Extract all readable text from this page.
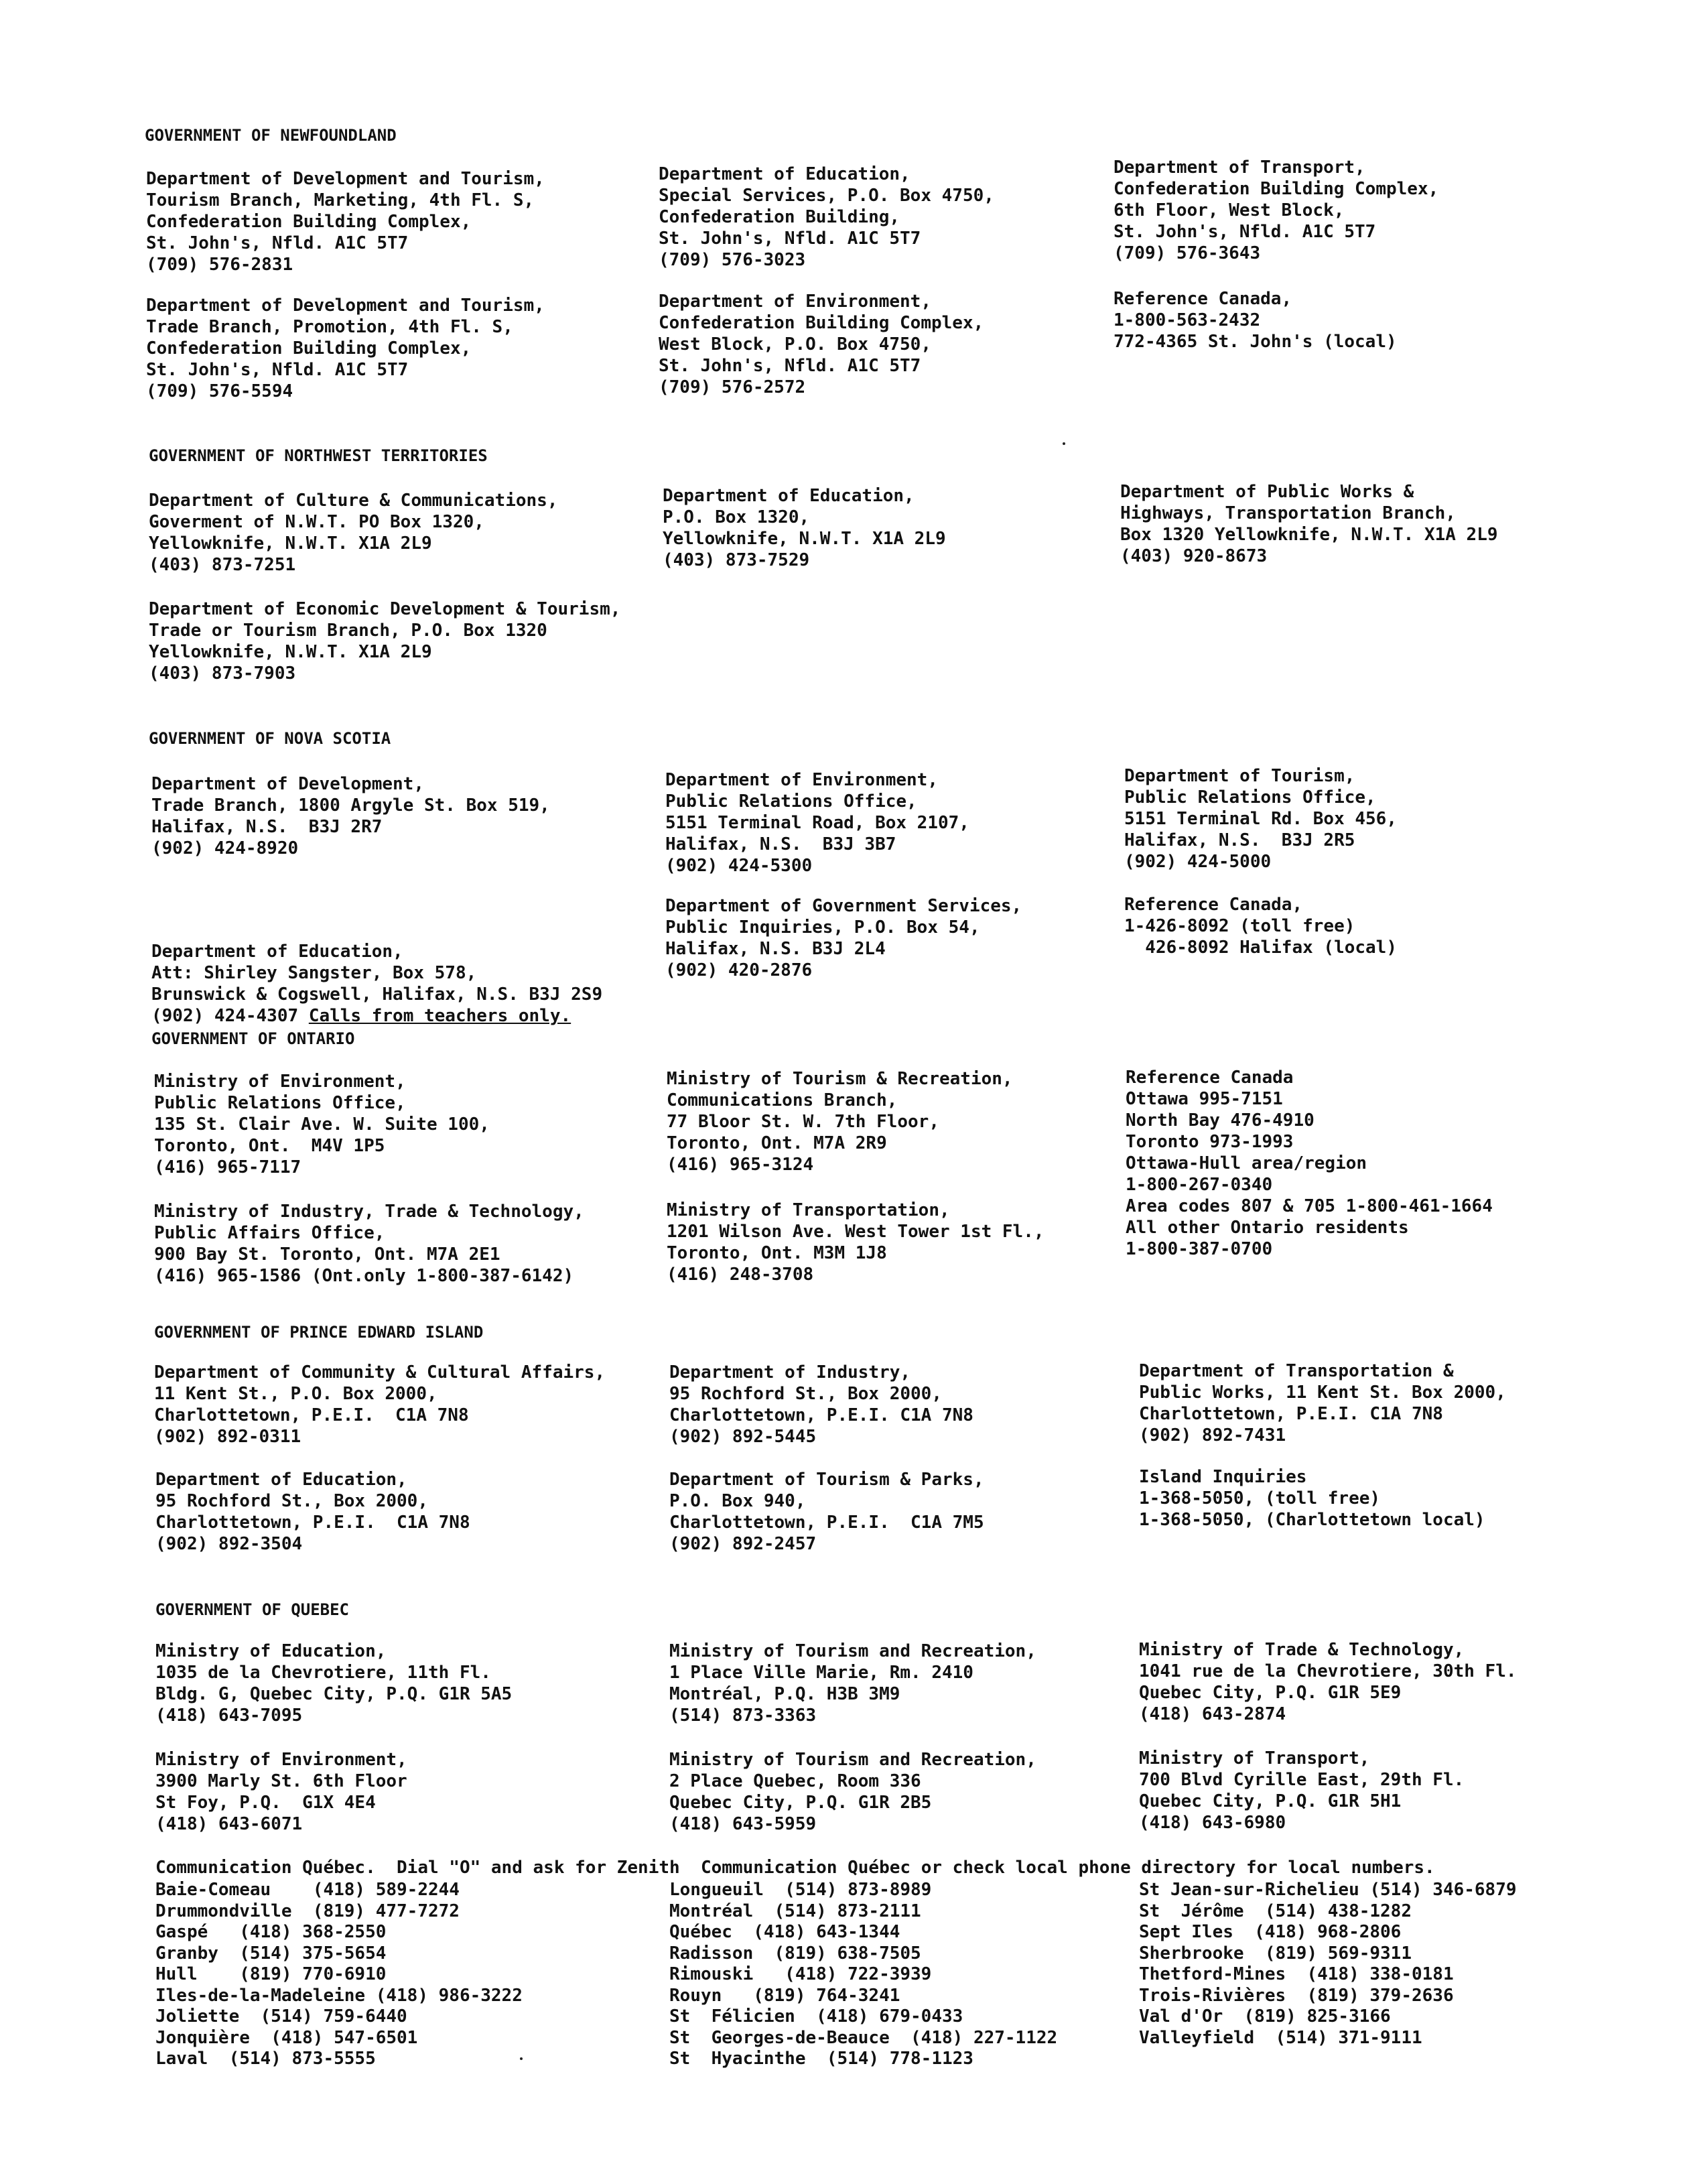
GOVERNMENT OF NEWFOUNDLAND
Department of Development and Tourism,
Tourism Branch, Marketing, 4th Fl. S,
Confederation Building Complex,
St. John's, Nfld. A1C 5T7
(709) 576-2831
Department of Education,
Special Services, P.O. Box 4750,
Confederation Building,
St. John's, Nfld. A1C 5T7
(709) 576-3023
Department of Transport,
Confederation Building Complex,
6th Floor, West Block,
St. John's, Nfld. A1C 5T7
(709) 576-3643
Department of Development and Tourism,
Trade Branch, Promotion, 4th Fl. S,
Confederation Building Complex,
St. John's, Nfld. A1C 5T7
(709) 576-5594
Department of Environment,
Confederation Building Complex,
West Block, P.O. Box 4750,
St. John's, Nfld. A1C 5T7
(709) 576-2572
Reference Canada,
1-800-563-2432
772-4365 St. John's (local)
GOVERNMENT OF NORTHWEST TERRITORIES
Department of Culture & Communications,
Goverment of N.W.T. PO Box 1320,
Yellowknife, N.W.T. X1A 2L9
(403) 873-7251
Department of Education,
P.O. Box 1320,
Yellowknife, N.W.T. X1A 2L9
(403) 873-7529
Department of Public Works &
Highways, Transportation Branch,
Box 1320 Yellowknife, N.W.T. X1A 2L9
(403) 920-8673
Department of Economic Development & Tourism,
Trade or Tourism Branch, P.O. Box 1320
Yellowknife, N.W.T. X1A 2L9
(403) 873-7903
GOVERNMENT OF NOVA SCOTIA
Department of Development,
Trade Branch, 1800 Argyle St. Box 519,
Halifax, N.S.  B3J 2R7
(902) 424-8920
Department of Environment,
Public Relations Office,
5151 Terminal Road, Box 2107,
Halifax, N.S.  B3J 3B7
(902) 424-5300
Department of Tourism,
Public Relations Office,
5151 Terminal Rd. Box 456,
Halifax, N.S.  B3J 2R5
(902) 424-5000

Department of Education,
Att: Shirley Sangster, Box 578,
Brunswick & Cogswell, Halifax, N.S. B3J 2S9
(902) 424-4307 Calls from teachers only.

Department of Government Services,
Public Inquiries, P.O. Box 54,
Halifax, N.S. B3J 2L4
(902) 420-2876
Reference Canada,
1-426-8092 (toll free)
426-8092 Halifax (local)
GOVERNMENT OF ONTARIO
Ministry of Environment,
Public Relations Office,
135 St. Clair Ave. W. Suite 100,
Toronto, Ont.  M4V 1P5
(416) 965-7117
Ministry of Tourism & Recreation,
Communications Branch,
77 Bloor St. W. 7th Floor,
Toronto, Ont. M7A 2R9
(416) 965-3124
Reference Canada
Ottawa 995-7151
North Bay 476-4910
Toronto 973-1993
Ottawa-Hull area/region
1-800-267-0340
Area codes 807 & 705 1-800-461-1664
All other Ontario residents
1-800-387-0700
Ministry of Industry, Trade & Technology,
Public Affairs Office,
900 Bay St. Toronto, Ont. M7A 2E1
(416) 965-1586 (Ont.only 1-800-387-6142)
Ministry of Transportation,
1201 Wilson Ave. West Tower 1st Fl.,
Toronto, Ont. M3M 1J8
(416) 248-3708
GOVERNMENT OF PRINCE EDWARD ISLAND
Department of Community & Cultural Affairs,
11 Kent St., P.O. Box 2000,
Charlottetown, P.E.I.  C1A 7N8
(902) 892-0311
Department of Industry,
95 Rochford St., Box 2000,
Charlottetown, P.E.I. C1A 7N8
(902) 892-5445
Department of Transportation &
Public Works, 11 Kent St. Box 2000,
Charlottetown, P.E.I. C1A 7N8
(902) 892-7431
Department of Education,
95 Rochford St., Box 2000,
Charlottetown, P.E.I.  C1A 7N8
(902) 892-3504
Department of Tourism & Parks,
P.O. Box 940,
Charlottetown, P.E.I.  C1A 7M5
(902) 892-2457
Island Inquiries
1-368-5050, (toll free)
1-368-5050, (Charlottetown local)
GOVERNMENT OF QUEBEC
Ministry of Education,
1035 de la Chevrotiere, 11th Fl.
Bldg. G, Quebec City, P.Q. G1R 5A5
(418) 643-7095
Ministry of Tourism and Recreation,
1 Place Ville Marie, Rm. 2410
Montréal, P.Q. H3B 3M9
(514) 873-3363
Ministry of Trade & Technology,
1041 rue de la Chevrotiere, 30th Fl.
Quebec City, P.Q. G1R 5E9
(418) 643-2874
Ministry of Environment,
3900 Marly St. 6th Floor
St Foy, P.Q.  G1X 4E4
(418) 643-6071
Ministry of Tourism and Recreation,
2 Place Quebec, Room 336
Quebec City, P.Q. G1R 2B5
(418) 643-5959
Ministry of Transport,
700 Blvd Cyrille East, 29th Fl.
Quebec City, P.Q. G1R 5H1
(418) 643-6980
Communication Québec.  Dial "O" and ask for Zenith  Communication Québec or check local phone directory for local numbers.
Baie-Comeau    (418) 589-2244
Drummondville  (819) 477-7272
Gaspé   (418) 368-2550
Granby  (514) 375-5654
Hull    (819) 770-6910
Iles-de-la-Madeleine (418) 986-3222
Joliette  (514) 759-6440
Jonquière  (418) 547-6501
Laval  (514) 873-5555
Longueuil  (514) 873-8989
Montréal  (514) 873-2111
Québec  (418) 643-1344
Radisson  (819) 638-7505
Rimouski   (418) 722-3939
Rouyn   (819) 764-3241
St  Félicien  (418) 679-0433
St  Georges-de-Beauce  (418) 227-1122
St  Hyacinthe  (514) 778-1123
St Jean-sur-Richelieu (514) 346-6879
St  Jérôme  (514) 438-1282
Sept Iles  (418) 968-2806
Sherbrooke  (819) 569-9311
Thetford-Mines  (418) 338-0181
Trois-Rivières  (819) 379-2636
Val d'Or  (819) 825-3166
Valleyfield  (514) 371-9111
